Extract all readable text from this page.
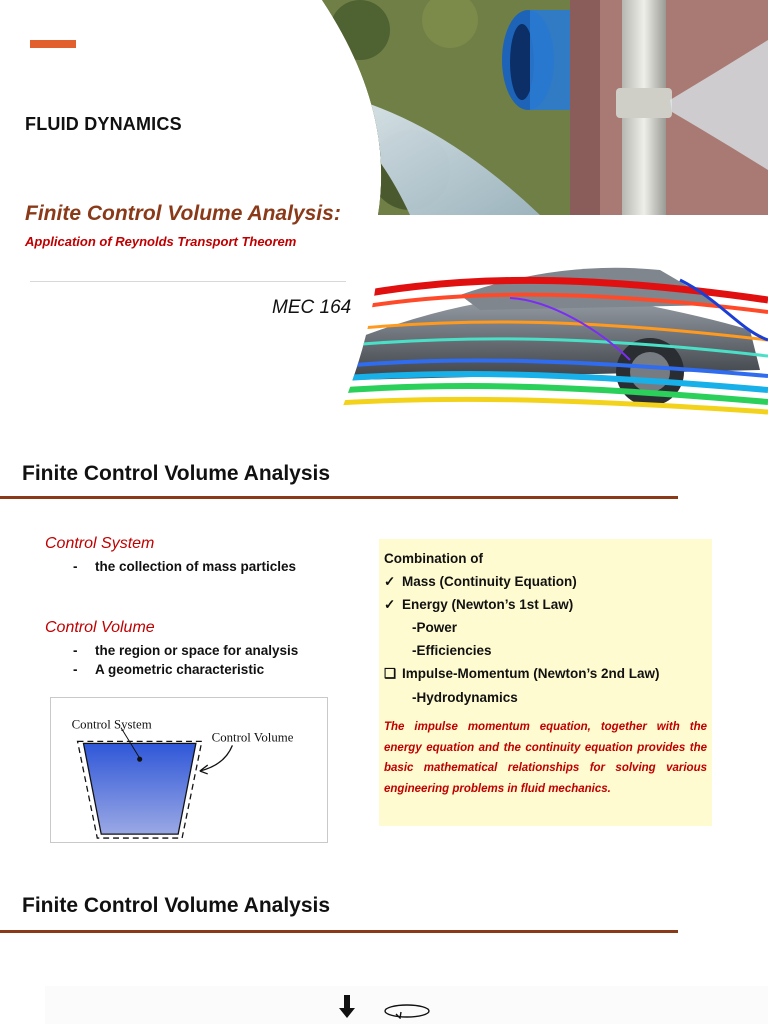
FLUID DYNAMICS
Finite Control Volume Analysis:
Application of Reynolds Transport Theorem
MEC 164
Finite Control Volume Analysis
Control System
- the collection of mass particles
Control Volume
- the region or space for analysis
- A geometric characteristic
Control System
Control Volume
Combination of
✓ Mass (Continuity Equation)
✓ Energy (Newton’s 1st Law)
-Power
-Efficiencies
❑ Impulse-Momentum (Newton’s 2nd Law)
-Hydrodynamics
The impulse momentum equation, together with the energy equation and the continuity equation provides the basic mathematical relationships for solving various engineering problems in fluid mechanics.
Finite Control Volume Analysis
